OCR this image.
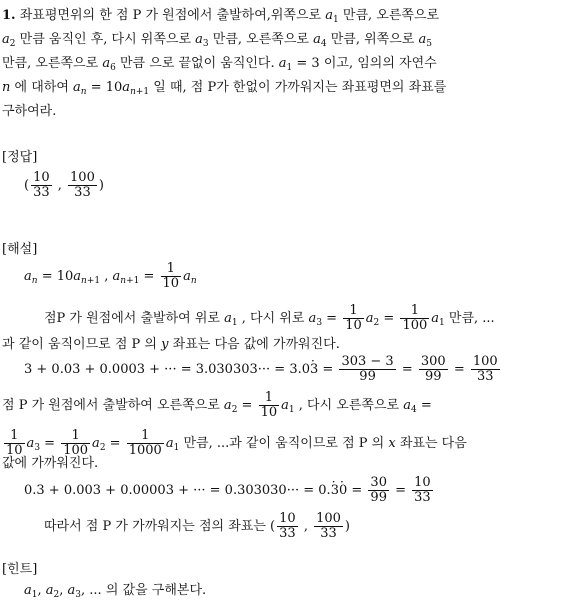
1. 좌표평면위의 한 점 P 가 원점에서 출발하여,위쪽으로 $a_1$ 만큼, 오른쪽으로
$a_2$ 만큼 움직인 후, 다시 위쪽으로 $a_3$ 만큼, 오른쪽으로 $a_4$ 만큼, 위쪽으로 $a_5$
만큼, 오른쪽으로 $a_6$ 만큼 으로 끝없이 움직인다. $a_1 = 3$ 이고, 임의의 자연수
n 에 대하여 $a_n = 10a_{n+1}$ 일 때, 점 P가 한없이 가까워지는 좌표평면의 좌표를
구하여라.
[정답]
( $\frac{10}{33}$ , $\frac{100}{33}$ )
[해설]
$a_n = 10a_{n+1}$ , $a_{n+1} = \frac{1}{10} a_n$
점P 가 원점에서 출발하여 위로 $a_1$ , 다시 위로 $a_3 = \frac{1}{10} a_2 = \frac{1}{100} a_1$ 만큼, ...
과 같이 움직이므로 점 P 의 y 좌표는 다음 값에 가까워진다.
3 + 0.03 + 0.0003 + ··· = $3.030303\cdot\cdot\cdot = 3.0\cdot 3 = \frac{303 - 3}{99} = \frac{300}{99} = \frac{100}{33}$
점 P 가 원점에서 출발하여 오른쪽으로 $a_2 = \frac{1}{10} a_1$ , 다시 오른쪽으로 $a_4$ =
$\frac{1}{10} a_3 = \frac{1}{100} a_2 = \frac{1}{1000} a_1$ 만큼, ...과 같이 움직이므로 점 P 의 x 좌표는 다음
값에 가까워진다.
0.3 + 0.003 + 0.00003 + ··· = $0.303030\cdot\cdot\cdot = 0.\cdot 3\cdot 0 = \frac{30}{99} = \frac{10}{33}$
따라서 점 P 가 가까워지는 점의 좌표는 ( $\frac{10}{33}$ , $\frac{100}{33}$ )
[힌트]
$a_1$, $a_2$, $a_3$, ... 의 값을 구해본다.
